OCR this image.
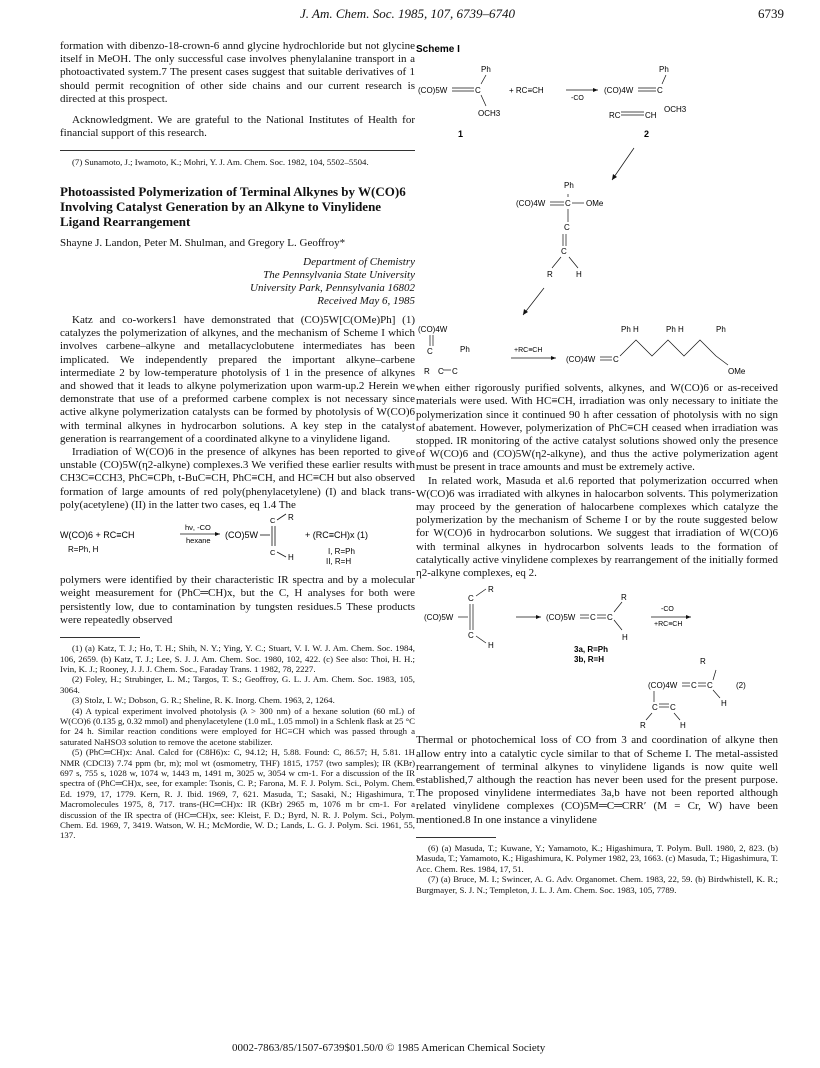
J. Am. Chem. Soc. 1985, 107, 6739–6740	6739

formation with dibenzo-18-crown-6 annd glycine hydrochloride but not glycine itself in MeOH. The only successful case involves phenylalanine transport in a photoactivated system.7 The present cases suggest that suitable derivatives of 1 should permit recognition of other side chains and our current research is directed at this prospect.

Acknowledgment. We are grateful to the National Institutes of Health for financial support of this research.

(7) Sunamoto, J.; Iwamoto, K.; Mohri, Y. J. Am. Chem. Soc. 1982, 104, 5502–5504.

Photoassisted Polymerization of Terminal Alkynes by W(CO)6 Involving Catalyst Generation by an Alkyne to Vinylidene Ligand Rearrangement
Shayne J. Landon, Peter M. Shulman, and Gregory L. Geoffroy*
Department of Chemistry
The Pennsylvania State University
University Park, Pennsylvania 16802
Received May 6, 1985

Katz and co-workers1 have demonstrated that (CO)5W[C(OMe)Ph] (1) catalyzes the polymerization of alkynes, and the mechanism of Scheme I which involves carbene–alkyne and metallacyclobutene intermediates has been implicated. We independently prepared the important alkyne–carbene intermediate 2 by low-temperature photolysis of 1 in the presence of alkynes and showed that it leads to alkyne polymerization upon warm-up.2 Herein we demonstrate that use of a preformed carbene complex is not necessary since active alkyne polymerization catalysts can be formed by photolysis of W(CO)6 with terminal alkynes in hydrocarbon solutions. A key step in the catalyst generation is rearrangement of a coordinated alkyne to a vinylidene ligand.

Irradiation of W(CO)6 in the presence of alkynes has been reported to give unstable (CO)5W(η2-alkyne) complexes.3 We verified these earlier results with CH3C≡CCH3, PhC≡CPh, t-BuC≡CH, PhC≡CH, and HC≡CH but also observed formation of large amounts of red poly(phenylacetylene) (I) and black trans-poly(acetylene) (II) in the latter two cases, eq 1.4 The

W(CO)6 + RC≡CH
R=Ph, H
hν, -CO
hexane
(CO)5W
C
C
R
H
+ (RC≡CH)x (1)
I, R=Ph
II, R=H

polymers were identified by their characteristic IR spectra and by a molecular weight measurement for (PhC═CH)x, but the C, H analyses for both were persistently low, due to contamination by tungsten residues.5 These products were repeatedly observed

(1) (a) Katz, T. J.; Ho, T. H.; Shih, N. Y.; Ying, Y. C.; Stuart, V. I. W. J. Am. Chem. Soc. 1984, 106, 2659. (b) Katz, T. J.; Lee, S. J. J. Am. Chem. Soc. 1980, 102, 422. (c) See also: Thoi, H. H.; Ivin, K. J.; Rooney, J. J. J. Chem. Soc., Faraday Trans. 1 1982, 78, 2227.

(2) Foley, H.; Strubinger, L. M.; Targos, T. S.; Geoffroy, G. L. J. Am. Chem. Soc. 1983, 105, 3064.

(3) Stolz, I. W.; Dobson, G. R.; Sheline, R. K. Inorg. Chem. 1963, 2, 1264.

(4) A typical experiment involved photolysis (λ > 300 nm) of a hexane solution (60 mL) of W(CO)6 (0.135 g, 0.32 mmol) and phenylacetylene (1.0 mL, 1.05 mmol) in a Schlenk flask at 25 °C for 24 h. Similar reaction conditions were employed for HC≡CH which was passed through a saturated NaHSO3 solution to remove the acetone stabilizer.

(5) (PhC═CH)x: Anal. Calcd for (C8H6)x: C, 94.12; H, 5.88. Found: C, 86.57; H, 5.81. 1H NMR (CDCl3) 7.74 ppm (br, m); mol wt (osmometry, THF) 1815, 1757 (two samples); IR (KBr) 697 s, 755 s, 1028 w, 1074 w, 1443 m, 1491 m, 3025 w, 3054 w cm-1. For a discussion of the IR spectra of (PhC═CH)x, see, for example: Tsonis, C. P.; Farona, M. F. J. Polym. Sci., Polym. Chem. Ed. 1979, 17, 1779. Kern, R. J. Ibid. 1969, 7, 621. Masuda, T.; Sasaki, N.; Higashimura, T. Macromolecules 1975, 8, 717. trans-(HC═CH)x: IR (KBr) 2965 m, 1076 m br cm-1. For a discussion of the IR spectra of (HC═CH)x, see: Kleist, F. D.; Byrd, N. R. J. Polym. Sci., Polym. Chem. Ed. 1969, 7, 3419. Watson, W. H.; McMordie, W. D.; Lands, L. G. J. Polym. Sci. 1961, 55, 137.

Scheme I
Ph
(CO)5W	C
OCH3
1
+ RC≡CH
-CO
Ph
(CO)4W	C
RC	CH
OCH3
2
Ph
(CO)4W C OMe
C
C
R	H
(CO)4W
C	Ph
R	C
C
+RC≡CH
(CO)4W C
Ph H	Ph H	Ph
OMe

when either rigorously purified solvents, alkynes, and W(CO)6 or as-received materials were used. With HC≡CH, irradiation was only necessary to initiate the polymerization since it continued 90 h after cessation of photolysis with no sign of abatement. However, polymerization of PhC≡CH ceased when irradiation was stopped. IR monitoring of the active catalyst solutions showed only the presence of W(CO)6 and (CO)5W(η2-alkyne), and thus the active polymerization agent must be present in trace amounts and must be extremely active.

In related work, Masuda et al.6 reported that polymerization occurred when W(CO)6 was irradiated with alkynes in halocarbon solvents. This polymerization may proceed by the generation of halocarbene complexes which catalyze the polymerization by the mechanism of Scheme I or by the route suggested below for W(CO)6 in hydrocarbon solutions. We suggest that irradiation of W(CO)6 with terminal alkynes in hydrocarbon solvents leads to the formation of catalytically active vinylidene complexes by rearrangement of the initially formed η2-alkyne complexes, eq 2.

(CO)5W
C
C
R
H
(CO)5W C C
R
H
3a, R=Ph
3b, R=H
-CO
+RC≡CH
R
(CO)4W C C
H
(2)
C C
R	H

Thermal or photochemical loss of CO from 3 and coordination of alkyne then allow entry into a catalytic cycle similar to that of Scheme I. The metal-assisted rearrangement of terminal alkynes to vinylidene ligands is now quite well established,7 although the reaction has never been used for the present purpose. The proposed vinylidene intermediates 3a,b have not been reported although related vinylidene complexes (CO)5M═C═CRR′ (M = Cr, W) have been mentioned.8 In one instance a vinylidene

(6) (a) Masuda, T.; Kuwane, Y.; Yamamoto, K.; Higashimura, T. Polym. Bull. 1980, 2, 823. (b) Masuda, T.; Yamamoto, K.; Higashimura, K. Polymer 1982, 23, 1663. (c) Masuda, T.; Higashimura, T. Acc. Chem. Res. 1984, 17, 51.

(7) (a) Bruce, M. I.; Swincer, A. G. Adv. Organomet. Chem. 1983, 22, 59. (b) Birdwhistell, K. R.; Burgmayer, S. J. N.; Templeton, J. L. J. Am. Chem. Soc. 1983, 105, 7789.

0002-7863/85/1507-6739$01.50/0 © 1985 American Chemical Society
